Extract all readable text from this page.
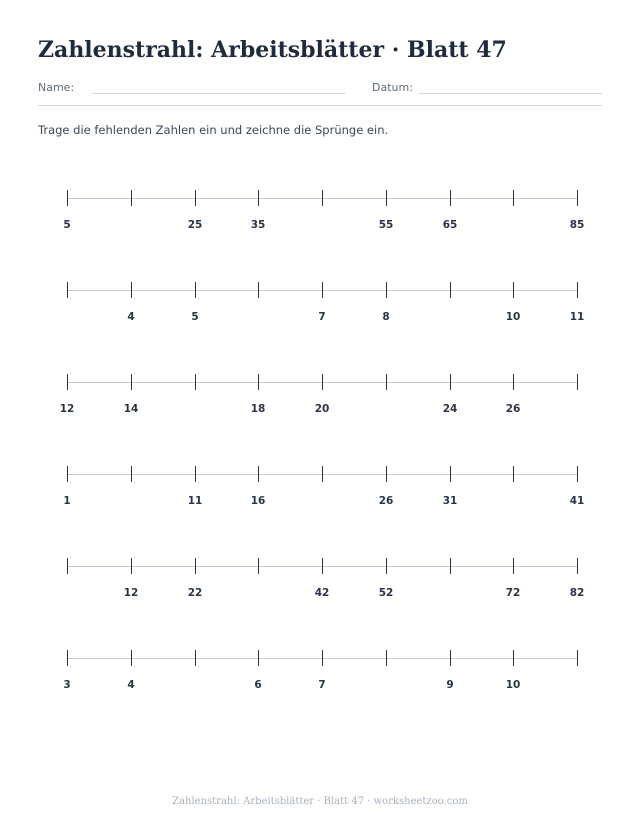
Zahlenstrahl: Arbeitsblätter · Blatt 47
Name:	Datum:

Trage die fehlenden Zahlen ein und zeichne die Sprünge ein.

5	25	35	55	65	85
4	5	7	8	10	11
12	14	18	20	24	26
1	11	16	26	31	41
12	22	42	52	72	82
3	4	6	7	9	10
Zahlenstrahl: Arbeitsblätter · Blatt 47 · worksheetzoo.com
